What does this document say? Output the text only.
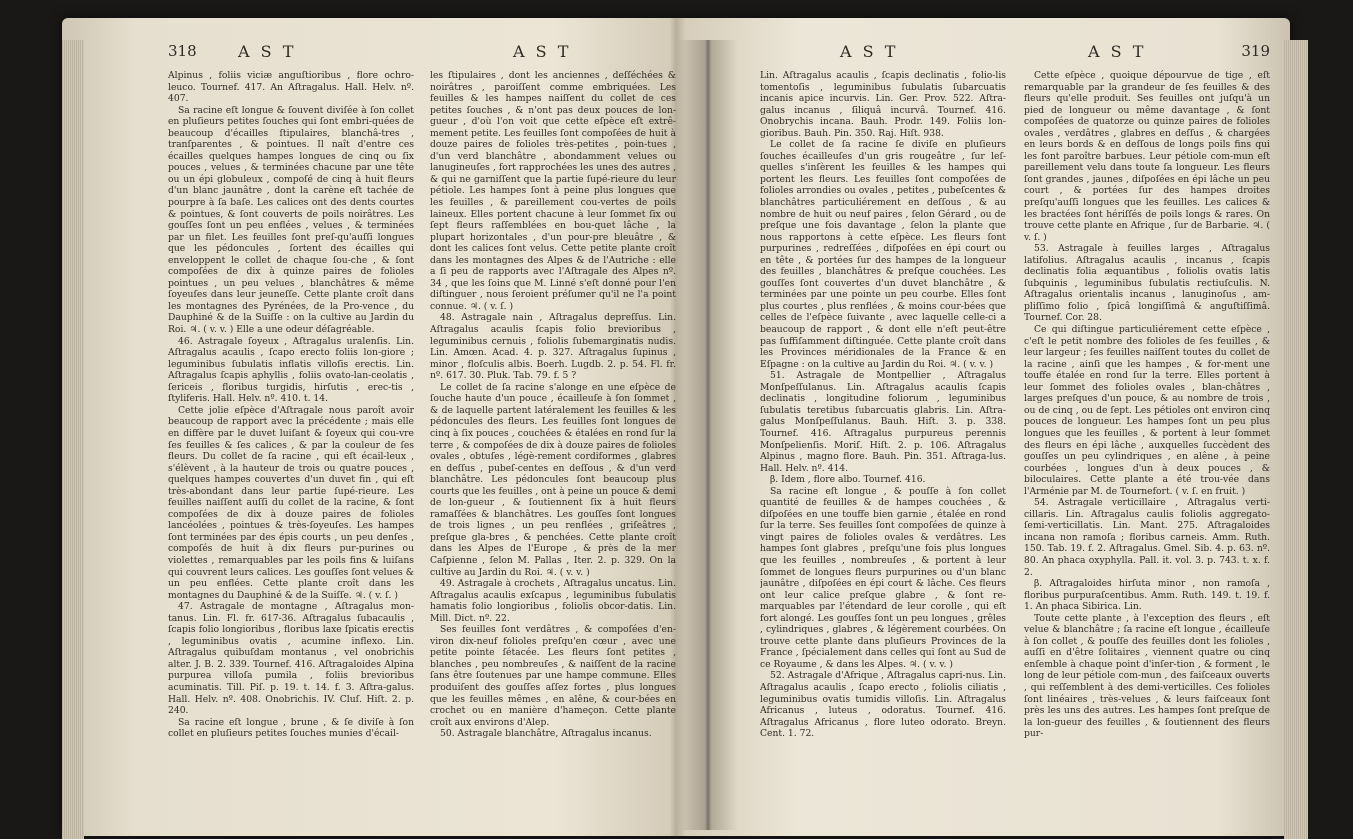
318	A S T	A S T

Alpinus , foliis viciæ anguſtioribus , flore ochro-leuco. Tournef. 417. An Aſtragalus. Hall. Helv. nº. 407.

Sa racine eſt longue & ſouvent diviſée à ſon collet en pluſieurs petites ſouches qui ſont embri-quées de beaucoup d'écailles ſtipulaires, blanchâ-tres , tranſparentes , & pointues. Il naît d'entre ces écailles quelques hampes longues de cinq ou ſix pouces , velues , & terminées chacune par une tête ou un épi globuleux , compoſé de cinq à huit fleurs d'un blanc jaunâtre , dont la carène eſt tachée de pourpre à ſa baſe. Les calices ont des dents courtes & pointues, & ſont couverts de poils noirâtres. Les gouſſes ſont un peu enflées , velues , & terminées par un filet. Les feuilles ſont preſ-qu'auſſi longues que les pédoncules , ſortent des écailles qui enveloppent le collet de chaque ſou-che , & ſont compoſées de dix à quinze paires de folioles pointues , un peu velues , blanchâtres & même ſoyeuſes dans leur jeuneſſe. Cette plante croît dans les montagnes des Pyrénées, de la Pro-vence , du Dauphiné & de la Suiſſe : on la cultive au Jardin du Roi. ♃. ( v. v. ) Elle a une odeur déſagréable.

46. Astragale ſoyeux , Aſtragalus uralenſis. Lin. Aſtragalus acaulis , ſcapo erecto foliis lon-giore ; leguminibus ſubulatis inflatis villoſis erectis. Lin. Aſtragalus ſcapis aphyllis , foliis ovato-lan-ceolatis , ſericeis , floribus turgidis, hirſutis , erec-tis , ſtyliferis. Hall. Helv. nº. 410. t. 14.

Cette jolie eſpèce d'Aſtragale nous paroît avoir beaucoup de rapport avec la précédente ; mais elle en diffère par le duvet luiſant & ſoyeux qui cou-vre ſes feuilles & ſes calices , & par la couleur de ſes fleurs. Du collet de ſa racine , qui eſt écail-leux , s'élèvent , à la hauteur de trois ou quatre pouces , quelques hampes couvertes d'un duvet fin , qui eſt très-abondant dans leur partie ſupé-rieure. Les feuilles naiſſent auſſi du collet de la racine, & ſont compoſées de dix à douze paires de folioles lancéolées , pointues & très-ſoyeuſes. Les hampes ſont terminées par des épis courts , un peu denſes , compoſés de huit à dix fleurs pur-purines ou violettes , remarquables par les poils fins & luiſans qui couvrent leurs calices. Les gouſſes ſont velues & un peu enflées. Cette plante croît dans les montagnes du Dauphiné & de la Suiſſe. ♃. ( v. ſ. )

47. Astragale de montagne , Aſtragalus mon-tanus. Lin. Fl. fr. 617-36. Aſtragalus ſubacaulis , ſcapis folio longioribus , floribus laxe ſpicatis erectis , leguminibus ovatis , acumine inflexo. Lin. Aſtragalus quibuſdam montanus , vel onobrichis alter. J. B. 2. 339. Tournef. 416. Aſtragaloides Alpina purpurea villoſa pumila , foliis brevioribus acuminatis. Till. Piſ. p. 19. t. 14. f. 3. Aſtra-galus. Hall. Helv. nº. 408. Onobrichis. IV. Cluſ. Hiſt. 2. p. 240.

Sa racine eſt longue , brune , & ſe diviſe à ſon collet en pluſieurs petites ſouches munies d'écail-

les ſtipulaires , dont les anciennes , deſſéchées & noirâtres , paroiſſent comme embriquées. Les feuilles & les hampes naiſſent du collet de ces petites ſouches , & n'ont pas deux pouces de lon-gueur , d'où l'on voit que cette eſpèce eſt extrê-mement petite. Les feuilles ſont compoſées de huit à douze paires de folioles très-petites , poin-tues , d'un verd blanchâtre , abondamment velues ou lanugineuſes , fort rapprochées les unes des autres , & qui ne garniſſent que la partie ſupé-rieure du leur pétiole. Les hampes ſont à peine plus longues que les feuilles , & pareillement cou-vertes de poils laineux. Elles portent chacune à leur ſommet ſix ou ſept fleurs raſſemblées en bou-quet lâche , la plupart horizontales , d'un pour-pre bleuâtre , & dont les calices ſont velus. Cette petite plante croît dans les montagnes des Alpes & de l'Autriche : elle a ſi peu de rapports avec l'Aſtragale des Alpes nº. 34 , que les ſoins que M. Linné s'eſt donné pour l'en diſtinguer , nous ſeroient préſumer qu'il ne l'a point connue. ♃. ( v. ſ. )

48. Astragale nain , Aſtragalus depreſſus. Lin. Aſtragalus acaulis ſcapis folio brevioribus , leguminibus cernuis , foliolis ſubemarginatis nudis. Lin. Amœn. Acad. 4. p. 327. Aſtragalus ſupinus , minor , floſculis albis. Boerh. Lugdb. 2. p. 54. Fl. fr. nº. 617. 30. Pluk. Tab. 79. f. 5 ?

Le collet de ſa racine s'alonge en une eſpèce de ſouche haute d'un pouce , écailleuſe à ſon ſommet , & de laquelle partent latéralement les feuilles & les pédoncules des fleurs. Les feuilles ſont longues de cinq à ſix pouces , couchées & étalées en rond ſur la terre , & compoſées de dix à douze paires de folioles ovales , obtuſes , légè-rement cordiformes , glabres en deſſus , pubeſ-centes en deſſous , & d'un verd blanchâtre. Les pédoncules ſont beaucoup plus courts que les feuilles , ont à peine un pouce & demi de lon-gueur , & ſoutiennent ſix à huit fleurs ramaſſées & blanchâtres. Les gouſſes ſont longues de trois lignes , un peu renflées , griſeâtres , preſque gla-bres , & penchées. Cette plante croît dans les Alpes de l'Europe , & près de la mer Caſpienne , ſelon M. Pallas , Iter. 2. p. 329. On la cultive au Jardin du Roi. ♃. ( v. v. )

49. Astragale à crochets , Aſtragalus uncatus. Lin. Aſtragalus acaulis exſcapus , leguminibus ſubulatis hamatis folio longioribus , foliolis obcor-datis. Lin. Mill. Dict. nº. 22.

Ses feuilles ſont verdâtres , & compoſées d'en-viron dix-neuf folioles preſqu'en cœur , avec une petite pointe ſétacée. Les fleurs ſont petites , blanches , peu nombreuſes , & naiſſent de la racine ſans être ſoutenues par une hampe commune. Elles produiſent des gouſſes aſſez fortes , plus longues que les feuilles mêmes , en alêne, & cour-bées en crochet ou en manière d'hameçon. Cette plante croît aux environs d'Alep.

50. Astragale blanchâtre, Aſtragalus incanus.

A S T	A S T	319

Lin. Aſtragalus acaulis , ſcapis declinatis , folio-lis tomentoſis , leguminibus ſubulatis ſubarcuatis incanis apice incurvis. Lin. Ger. Prov. 522. Aſtra-galus incanus , ſiliquâ incurvâ. Tournef. 416. Onobrychis incana. Bauh. Prodr. 149. Foliis lon-gioribus. Bauh. Pin. 350. Raj. Hiſt. 938.

Le collet de ſa racine ſe diviſe en pluſieurs ſouches écailleuſes d'un gris rougeâtre , ſur leſ-quelles s'inſèrent les feuilles & les hampes qui portent les fleurs. Les feuilles ſont compoſées de folioles arrondies ou ovales , petites , pubeſcentes & blanchâtres particuliérement en deſſous , & au nombre de huit ou neuf paires , ſelon Gérard , ou de preſque une fois davantage , ſelon la plante que nous rapportons à cette eſpèce. Les fleurs ſont purpurines , redreſſées , diſpoſées en épi court ou en tête , & portées ſur des hampes de la longueur des feuilles , blanchâtres & preſque couchées. Les gouſſes ſont couvertes d'un duvet blanchâtre , & terminées par une pointe un peu courbe. Elles ſont plus courtes , plus renflées , & moins cour-bées que celles de l'eſpèce ſuivante , avec laquelle celle-ci a beaucoup de rapport , & dont elle n'eſt peut-être pas ſuffiſamment diſtinguée. Cette plante croît dans les Provinces méridionales de la France & en Eſpagne : on la cultive au Jardin du Roi. ♃. ( v. v. )

51. Astragale de Montpellier , Aſtragalus Monſpeſſulanus. Lin. Aſtragalus acaulis ſcapis declinatis , longitudine foliorum , leguminibus ſubulatis teretibus ſubarcuatis glabris. Lin. Aſtra-galus Monſpeſſulanus. Bauh. Hiſt. 3. p. 338. Tournef. 416. Aſtragalus purpureus perennis Monſpelienſis. Moriſ. Hiſt. 2. p. 106. Aſtragalus Alpinus , magno flore. Bauh. Pin. 351. Aſtraga-lus. Hall. Helv. nº. 414.

β. Idem , flore albo. Tournef. 416.

Sa racine eſt longue , & pouſſe à ſon collet quantité de feuilles & de hampes couchées , & diſpoſées en une touffe bien garnie , étalée en rond ſur la terre. Ses feuilles ſont compoſées de quinze à vingt paires de folioles ovales & verdâtres. Les hampes ſont glabres , preſqu'une fois plus longues que les feuilles , nombreuſes , & portent à leur ſommet de longues fleurs purpurines ou d'un blanc jaunâtre , diſpoſées en épi court & lâche. Ces fleurs ont leur calice preſque glabre , & ſont re-marquables par l'étendard de leur corolle , qui eſt fort alongé. Les gouſſes ſont un peu longues , grêles , cylindriques , glabres , & légèrement courbées. On trouve cette plante dans pluſieurs Provinces de la France , ſpécialement dans celles qui ſont au Sud de ce Royaume , & dans les Alpes. ♃. ( v. v. )

52. Astragale d'Afrique , Aſtragalus capri-nus. Lin. Aſtragalus acaulis , ſcapo erecto , foliolis ciliatis , leguminibus ovatis tumidis villoſis. Lin. Aſtragalus Africanus , luteus , odoratus. Tournef. 416. Aſtragalus Africanus , flore luteo odorato. Breyn. Cent. 1. 72.

Cette eſpèce , quoique dépourvue de tige , eſt remarquable par la grandeur de ſes feuilles & des fleurs qu'elle produit. Ses feuilles ont juſqu'à un pied de longueur ou même davantage , & ſont compoſées de quatorze ou quinze paires de folioles ovales , verdâtres , glabres en deſſus , & chargées en leurs bords & en deſſous de longs poils fins qui les font paroître barbues. Leur pétiole com-mun eſt pareillement velu dans toute ſa longueur. Les fleurs ſont grandes , jaunes , diſpoſées en épi lâche un peu court , & portées ſur des hampes droites preſqu'auſſi longues que les feuilles. Les calices & les bractées ſont hériſſés de poils longs & rares. On trouve cette plante en Afrique , ſur de Barbarie. ♃. ( v. ſ. )

53. Astragale à feuilles larges , Aſtragalus latifolius. Aſtragalus acaulis , incanus , ſcapis declinatis folia æquantibus , foliolis ovatis latis ſubquinis , leguminibus ſubulatis rectiuſculis. N. Aſtragalus orientalis incanus , lanuginoſus , am-pliſſimo folio , ſpicâ longiſſimâ & anguſtiſſimâ. Tournef. Cor. 28.

Ce qui diſtingue particuliérement cette eſpèce , c'eſt le petit nombre des folioles de ſes feuilles , & leur largeur ; ſes feuilles naiſſent toutes du collet de la racine , ainſi que les hampes , & for-ment une touffe étalée en rond ſur la terre. Elles portent à leur ſommet des folioles ovales , blan-châtres , larges preſques d'un pouce, & au nombre de trois , ou de cinq , ou de ſept. Les pétioles ont environ cinq pouces de longueur. Les hampes ſont un peu plus longues que les feuilles , & portent à leur ſommet des fleurs en épi lâche , auxquelles ſuccèdent des gouſſes un peu cylindriques , en alêne , à peine courbées , longues d'un à deux pouces , & biloculaires. Cette plante a été trou-vée dans l'Arménie par M. de Tournefort. ( v. ſ. en fruit. )

54. Astragale verticillaire , Aſtragalus verti-cillaris. Lin. Aſtragalus caulis foliolis aggregato-ſemi-verticillatis. Lin. Mant. 275. Aſtragaloides incana non ramoſa ; floribus carneis. Amm. Ruth. 150. Tab. 19. f. 2. Aſtragalus. Gmel. Sib. 4. p. 63. nº. 80. An phaca oxyphylla. Pall. it. vol. 3. p. 743. t. x. f. 2.

β. Aſtragaloides hirſuta minor , non ramoſa , floribus purpuraſcentibus. Amm. Ruth. 149. t. 19. f. 1. An phaca Sibirica. Lin.

Toute cette plante , à l'exception des fleurs , eſt velue & blanchâtre ; ſa racine eſt longue , écailleuſe à ſon collet , & pouſſe des feuilles dont les folioles , auſſi en d'être ſolitaires , viennent quatre ou cinq enſemble à chaque point d'inſer-tion , & forment , le long de leur pétiole com-mun , des faiſceaux ouverts , qui reſſemblent à des demi-verticilles. Ces folioles ſont linéaires , très-velues , & leurs faiſceaux ſont près les uns des autres. Les hampes ſont preſque de la lon-gueur des feuilles , & ſoutiennent des fleurs pur-
